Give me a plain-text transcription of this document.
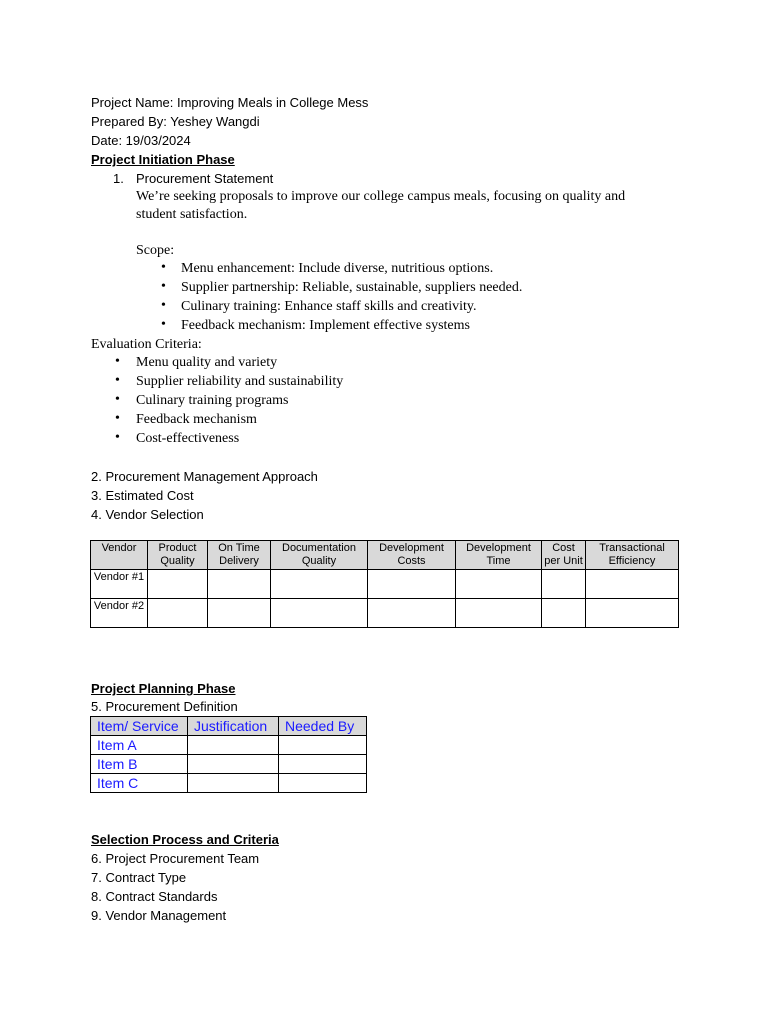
Project Name: Improving Meals in College Mess
Prepared By: Yeshey Wangdi
Date: 19/03/2024
Project Initiation Phase
1. Procurement Statement
We’re seeking proposals to improve our college campus meals, focusing on quality and
student satisfaction.
Scope:
• Menu enhancement: Include diverse, nutritious options.
• Supplier partnership: Reliable, sustainable, suppliers needed.
• Culinary training: Enhance staff skills and creativity.
• Feedback mechanism: Implement effective systems
Evaluation Criteria:
• Menu quality and variety
• Supplier reliability and sustainability
• Culinary training programs
• Feedback mechanism
• Cost-effectiveness
2. Procurement Management Approach
3. Estimated Cost
4. Vendor Selection
Vendor	Product Quality	On Time Delivery	Documentation Quality	Development Costs	Development Time	Cost per Unit	Transactional Efficiency
Vendor #1							
Vendor #2							
Project Planning Phase
5. Procurement Definition
Item/ Service	Justification	Needed By
Item A		
Item B		
Item C		
Selection Process and Criteria
6. Project Procurement Team
7. Contract Type
8. Contract Standards
9. Vendor Management
